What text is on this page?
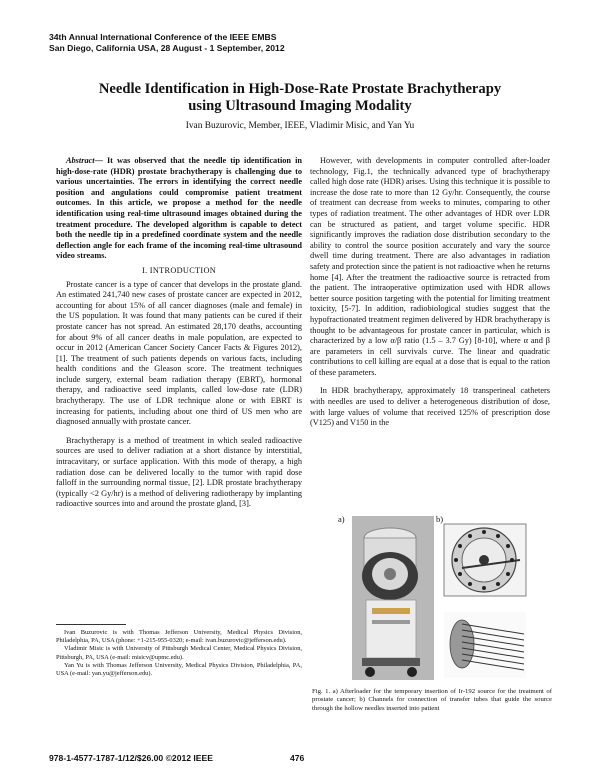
34th Annual International Conference of the IEEE EMBS
San Diego, California USA, 28 August - 1 September, 2012
Needle Identification in High-Dose-Rate Prostate Brachytherapy
using Ultrasound Imaging Modality
Ivan Buzurovic, Member, IEEE, Vladimir Misic, and Yan Yu

Abstract— It was observed that the needle tip identification in high-dose-rate (HDR) prostate brachytherapy is challenging due to various uncertainties. The errors in identifying the correct needle position and angulations could compromise patient treatment outcomes. In this article, we propose a method for the needle identification using real-time ultrasound images obtained during the treatment procedure. The developed algorithm is capable to detect both the needle tip in a predefined coordinate system and the needle deflection angle for each frame of the incoming real-time ultrasound video streams.

I. INTRODUCTION

Prostate cancer is a type of cancer that develops in the prostate gland. An estimated 241,740 new cases of prostate cancer are expected in 2012, accounting for about 15% of all cancer diagnoses (male and female) in the US population. It was found that many patients can be cured if their prostate cancer has not spread. An estimated 28,170 deaths, accounting for about 9% of all cancer deaths in male population, are expected to occur in 2012 (American Cancer Society Cancer Facts & Figures 2012), [1]. The treatment of such patients depends on various facts, including health conditions and the Gleason score. The treatment techniques include surgery, external beam radiation therapy (EBRT), hormonal therapy, and radioactive seed implants, called low-dose rate (LDR) brachytherapy. The use of LDR technique alone or with EBRT is increasing for patients, including about one third of US men who are diagnosed annually with prostate cancer.

Brachytherapy is a method of treatment in which sealed radioactive sources are used to deliver radiation at a short distance by interstitial, intracavitary, or surface application. With this mode of therapy, a high radiation dose can be delivered locally to the tumor with rapid dose falloff in the surrounding normal tissue, [2]. LDR prostate brachytherapy (typically <2 Gy/hr) is a method of delivering radiotherapy by implanting radioactive sources into and around the prostate gland, [3].

Ivan Buzurovic is with Thomas Jefferson University, Medical Physics Division, Philadelphia, PA, USA (phone: +1-215-955-0320; e-mail: ivan.buzurovic@jefferson.edu).

Vladimir Misic is with University of Pittsburgh Medical Center, Medical Physics Division, Pittsburgh, PA, USA (e-mail: misicv@upmc.edu).

Yan Yu is with Thomas Jefferson University, Medical Physics Division, Philadelphia, PA, USA (e-mail: yan.yu@jefferson.edu).

However, with developments in computer controlled after-loader technology, Fig.1, the technically advanced type of brachytherapy called high dose rate (HDR) arises. Using this technique it is possible to increase the dose rate to more than 12 Gy/hr. Consequently, the course of treatment can decrease from weeks to minutes, comparing to other types of radiation treatment. The other advantages of HDR over LDR can be structured as patient, and target volume specific. HDR significantly improves the radiation dose distribution secondary to the ability to control the source position accurately and vary the source dwell time during treatment. There are also advantages in radiation safety and protection since the patient is not radioactive when he returns home [4]. After the treatment the radioactive source is retracted from the patient. The intraoperative optimization used with HDR allows better source position targeting with the potential for limiting treatment toxicity, [5-7]. In addition, radiobiological studies suggest that the hypofractionated treatment regimen delivered by HDR brachytherapy is thought to be advantageous for prostate cancer in particular, which is characterized by a low α/β ratio (1.5 – 3.7 Gy) [8-10], where α and β are parameters in cell survivals curve. The linear and quadratic contributions to cell killing are equal at a dose that is equal to the ration of these parameters.

In HDR brachytherapy, approximately 18 transperineal catheters with needles are used to deliver a heterogeneous distribution of dose, with large values of volume that received 125% of prescription dose (V125) and V150 in the

a)	b)
Fig. 1. a) Afterloader for the temporary insertion of Ir-192 source for the treatment of prostate cancer; b) Channels for connection of transfer tubes that guide the source through the hollow needles inserted into patient
978-1-4577-1787-1/12/$26.00 ©2012 IEEE	476
